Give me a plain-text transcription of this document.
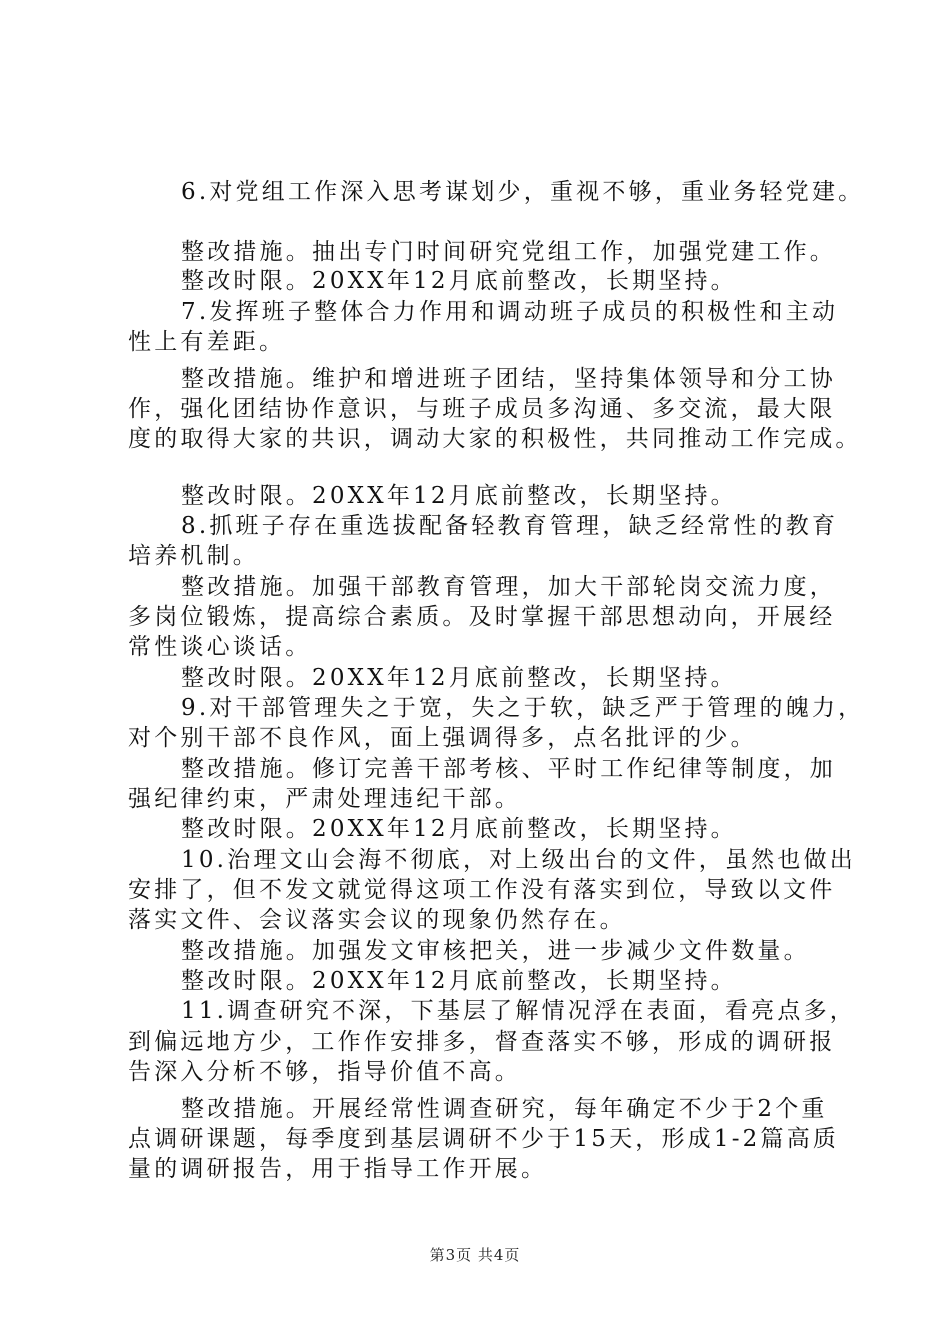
6.对党组工作深入思考谋划少，重视不够，重业务轻党建。
整改措施。抽出专门时间研究党组工作，加强党建工作。
整改时限。20XX年12月底前整改，长期坚持。
7.发挥班子整体合力作用和调动班子成员的积极性和主动
性上有差距。
整改措施。维护和增进班子团结，坚持集体领导和分工协
作，强化团结协作意识，与班子成员多沟通、多交流，最大限
度的取得大家的共识，调动大家的积极性，共同推动工作完成。
整改时限。20XX年12月底前整改，长期坚持。
8.抓班子存在重选拔配备轻教育管理，缺乏经常性的教育
培养机制。
整改措施。加强干部教育管理，加大干部轮岗交流力度，
多岗位锻炼，提高综合素质。及时掌握干部思想动向，开展经
常性谈心谈话。
整改时限。20XX年12月底前整改，长期坚持。
9.对干部管理失之于宽，失之于软，缺乏严于管理的魄力，
对个别干部不良作风，面上强调得多，点名批评的少。
整改措施。修订完善干部考核、平时工作纪律等制度，加
强纪律约束，严肃处理违纪干部。
整改时限。20XX年12月底前整改，长期坚持。
10.治理文山会海不彻底，对上级出台的文件，虽然也做出
安排了，但不发文就觉得这项工作没有落实到位，导致以文件
落实文件、会议落实会议的现象仍然存在。
整改措施。加强发文审核把关，进一步减少文件数量。
整改时限。20XX年12月底前整改，长期坚持。
11.调查研究不深，下基层了解情况浮在表面，看亮点多，
到偏远地方少，工作作安排多，督查落实不够，形成的调研报
告深入分析不够，指导价值不高。
整改措施。开展经常性调查研究，每年确定不少于2个重
点调研课题，每季度到基层调研不少于15天，形成1-2篇高质
量的调研报告，用于指导工作开展。
第3页 共4页
